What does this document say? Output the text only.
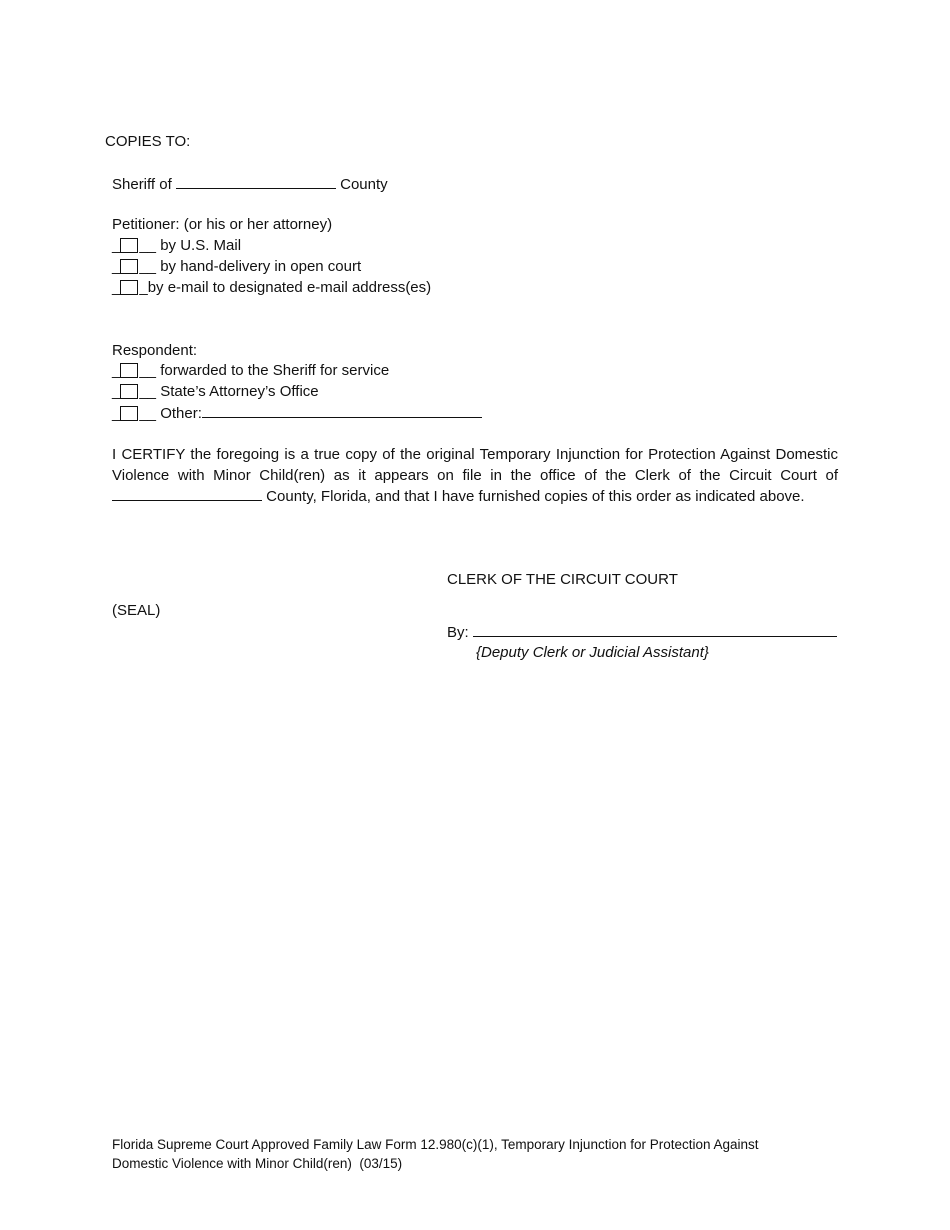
COPIES TO:
Sheriff of	County
Petitioner: (or his or her attorney)
_ __ by U.S. Mail
_ __ by hand-delivery in open court
_ _by e-mail to designated e-mail address(es)
Respondent:
_ __ forwarded to the Sheriff for service
_ __ State’s Attorney’s Office
_ __ Other:
I CERTIFY the foregoing is a true copy of the original Temporary Injunction for Protection Against Domestic Violence with Minor Child(ren) as it appears on file in the office of the Clerk of the Circuit Court of  County, Florida, and that I have furnished copies of this order as indicated above.
CLERK OF THE CIRCUIT COURT
(SEAL)
By:
{Deputy Clerk or Judicial Assistant}
Florida Supreme Court Approved Family Law Form 12.980(c)(1), Temporary Injunction for Protection Against
Domestic Violence with Minor Child(ren)  (03/15)
